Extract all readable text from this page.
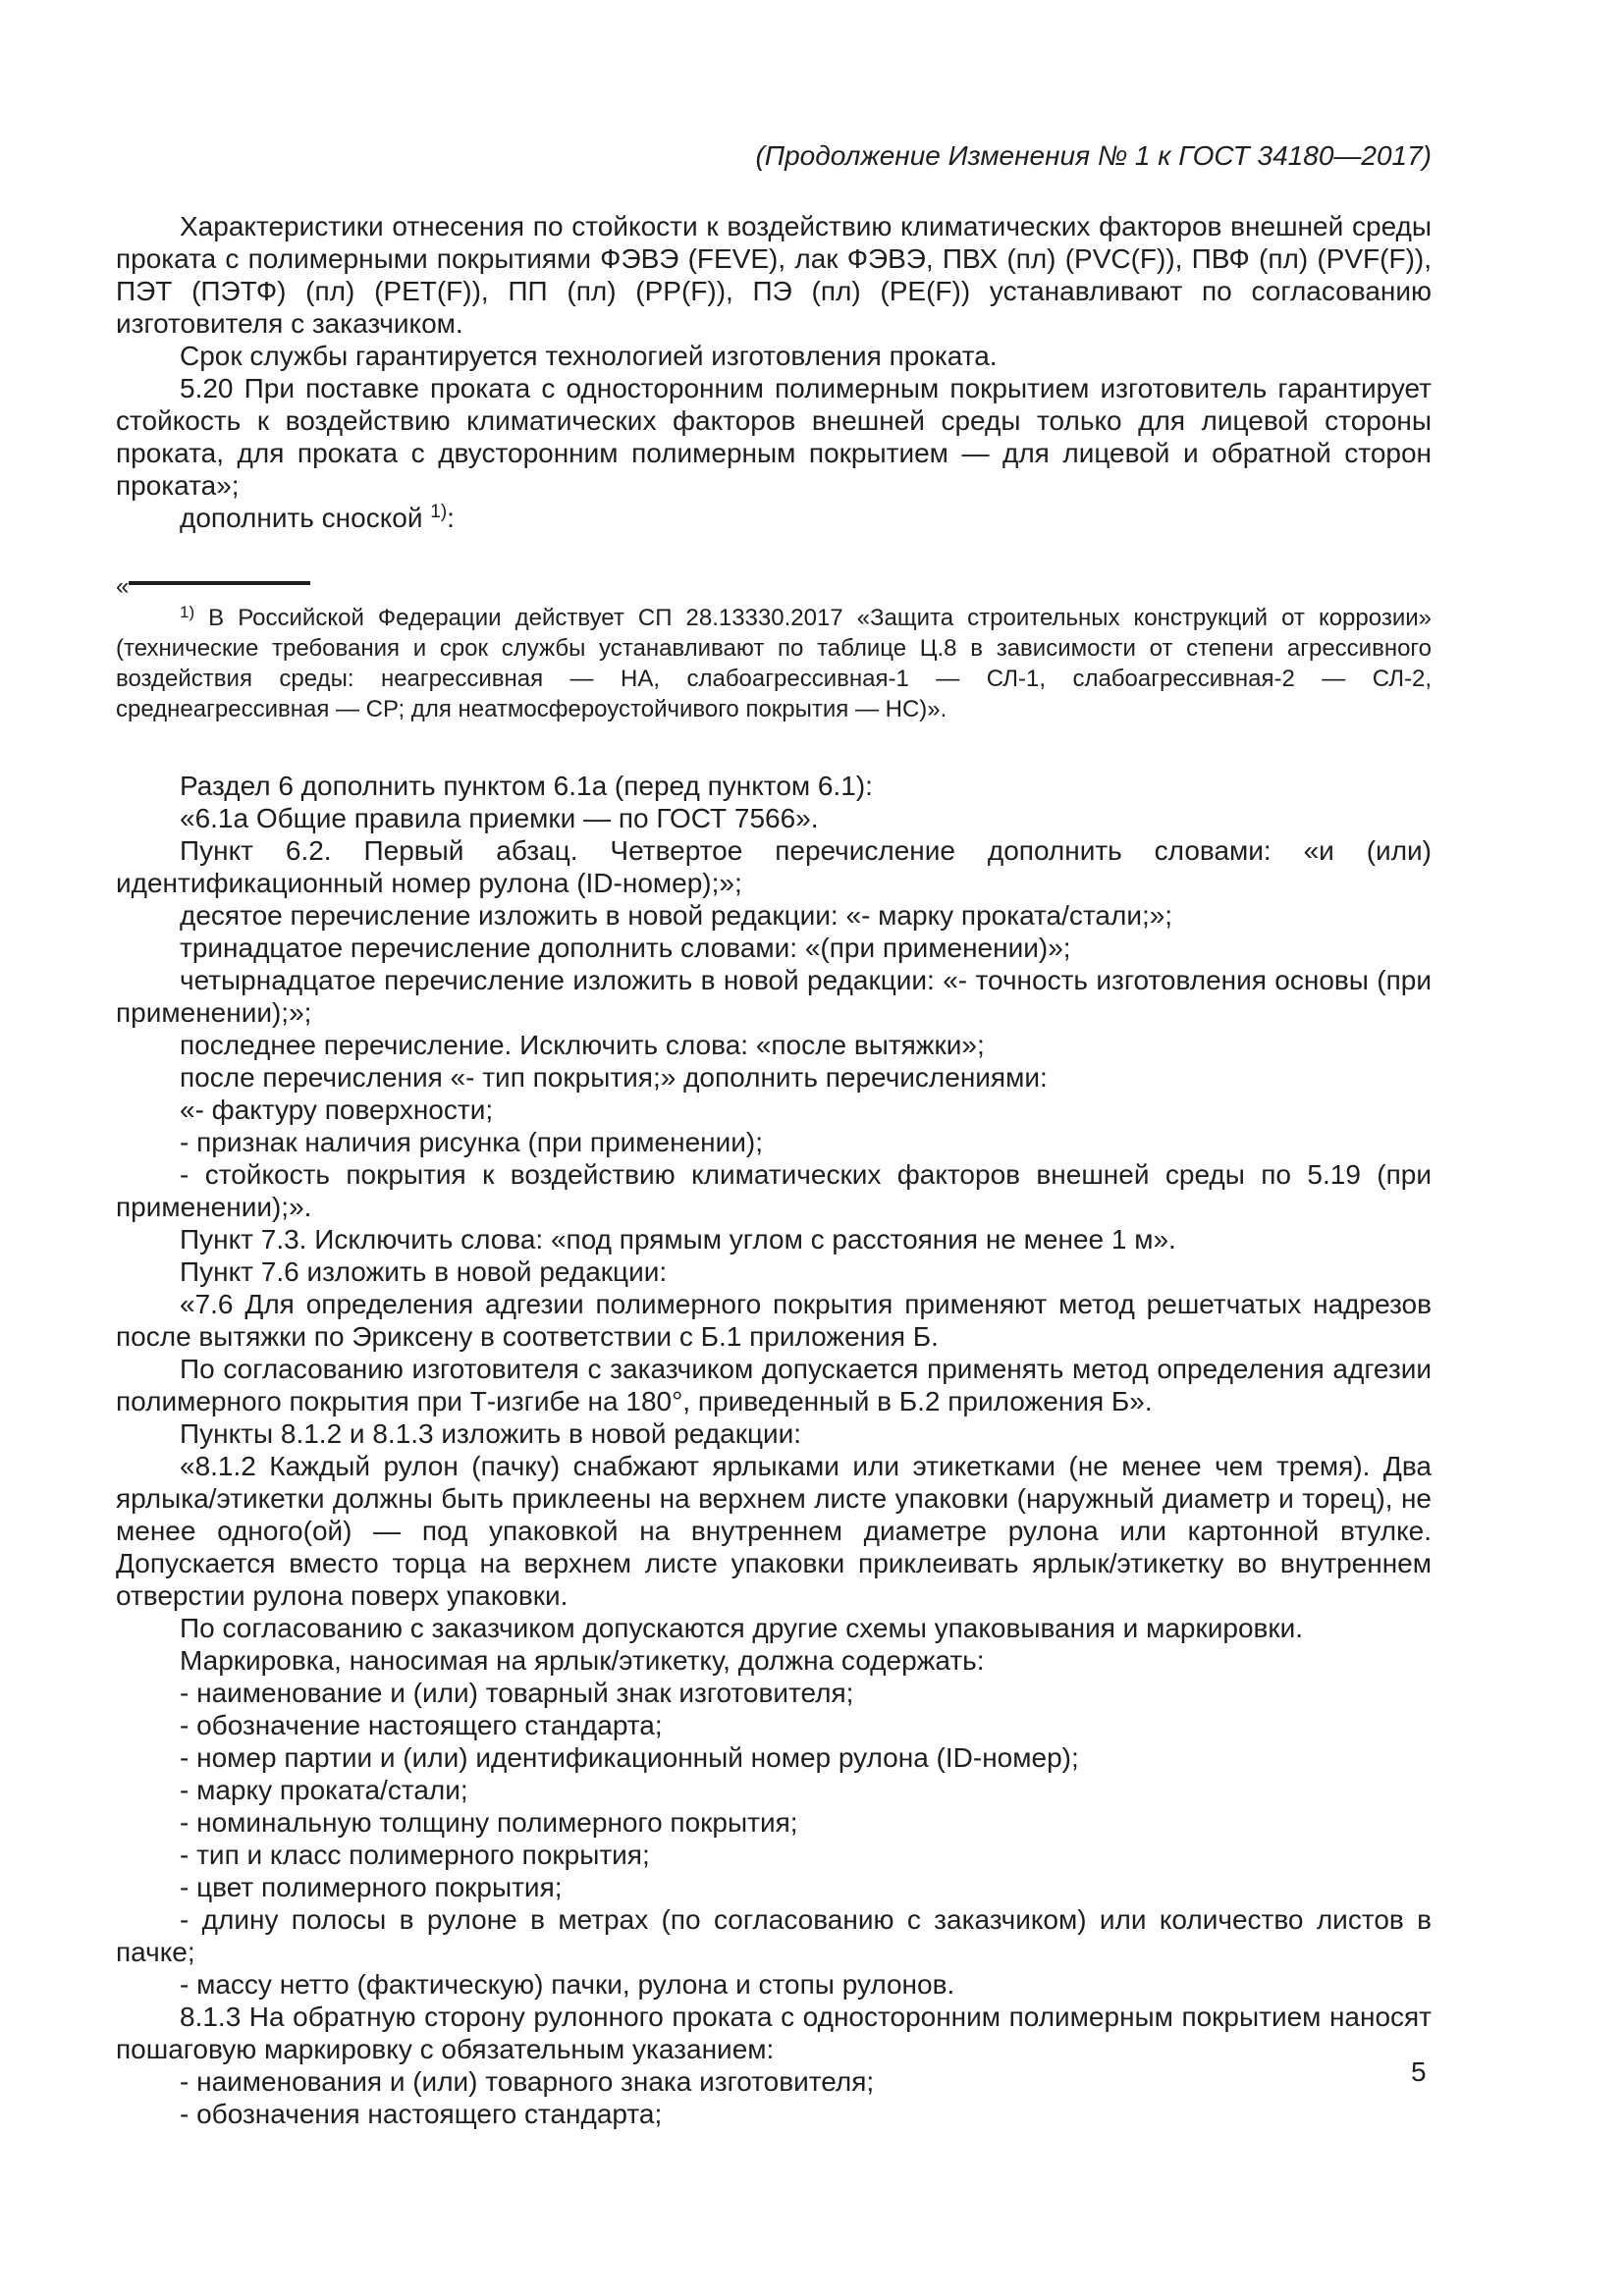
(Продолжение Изменения № 1 к ГОСТ 34180—2017)

Характеристики отнесения по стойкости к воздействию климатических факторов внешней среды проката с полимерными покрытиями ФЭВЭ (FEVE), лак ФЭВЭ, ПВХ (пл) (PVC(F)), ПВФ (пл) (PVF(F)), ПЭТ (ПЭТФ) (пл) (PET(F)), ПП (пл) (PP(F)), ПЭ (пл) (PE(F)) устанавливают по согласованию изготовителя с заказчиком.

Срок службы гарантируется технологией изготовления проката.

5.20 При поставке проката с односторонним полимерным покрытием изготовитель гарантирует стойкость к воздействию климатических факторов внешней среды только для лицевой стороны проката, для проката с двусторонним полимерным покрытием — для лицевой и обратной сторон проката»;

дополнить сноской $^{1)}$:

«

$^{1)}$ В Российской Федерации действует СП 28.13330.2017 «Защита строительных конструкций от коррозии» (технические требования и срок службы устанавливают по таблице Ц.8 в зависимости от степени агрессивного воздействия среды: неагрессивная — НА, слабоагрессивная-1 — СЛ-1, слабоагрессивная-2 — СЛ-2, среднеагрессивная — СР; для неатмосфероустойчивого покрытия — НС)».

Раздел 6 дополнить пунктом 6.1а (перед пунктом 6.1):

«6.1а Общие правила приемки — по ГОСТ 7566».

Пункт 6.2. Первый абзац. Четвертое перечисление дополнить словами: «и (или) идентификационный номер рулона (ID-номер);»;

десятое перечисление изложить в новой редакции: «- марку проката/стали;»;

тринадцатое перечисление дополнить словами: «(при применении)»;

четырнадцатое перечисление изложить в новой редакции: «- точность изготовления основы (при применении);»;

последнее перечисление. Исключить слова: «после вытяжки»;

после перечисления «- тип покрытия;» дополнить перечислениями:

«- фактуру поверхности;

- признак наличия рисунка (при применении);

- стойкость покрытия к воздействию климатических факторов внешней среды по 5.19 (при применении);».

Пункт 7.3. Исключить слова: «под прямым углом с расстояния не менее 1 м».

Пункт 7.6 изложить в новой редакции:

«7.6 Для определения адгезии полимерного покрытия применяют метод решетчатых надрезов после вытяжки по Эриксену в соответствии с Б.1 приложения Б.

По согласованию изготовителя с заказчиком допускается применять метод определения адгезии полимерного покрытия при Т-изгибе на 180°, приведенный в Б.2 приложения Б».

Пункты 8.1.2 и 8.1.3 изложить в новой редакции:

«8.1.2 Каждый рулон (пачку) снабжают ярлыками или этикетками (не менее чем тремя). Два ярлыка/этикетки должны быть приклеены на верхнем листе упаковки (наружный диаметр и торец), не менее одного(ой) — под упаковкой на внутреннем диаметре рулона или картонной втулке. Допускается вместо торца на верхнем листе упаковки приклеивать ярлык/этикетку во внутреннем отверстии рулона поверх упаковки.

По согласованию с заказчиком допускаются другие схемы упаковывания и маркировки.

Маркировка, наносимая на ярлык/этикетку, должна содержать:

- наименование и (или) товарный знак изготовителя;

- обозначение настоящего стандарта;

- номер партии и (или) идентификационный номер рулона (ID-номер);

- марку проката/стали;

- номинальную толщину полимерного покрытия;

- тип и класс полимерного покрытия;

- цвет полимерного покрытия;

- длину полосы в рулоне в метрах (по согласованию с заказчиком) или количество листов в пачке;

- массу нетто (фактическую) пачки, рулона и стопы рулонов.

8.1.3 На обратную сторону рулонного проката с односторонним полимерным покрытием наносят пошаговую маркировку с обязательным указанием:

- наименования и (или) товарного знака изготовителя;

- обозначения настоящего стандарта;

5
